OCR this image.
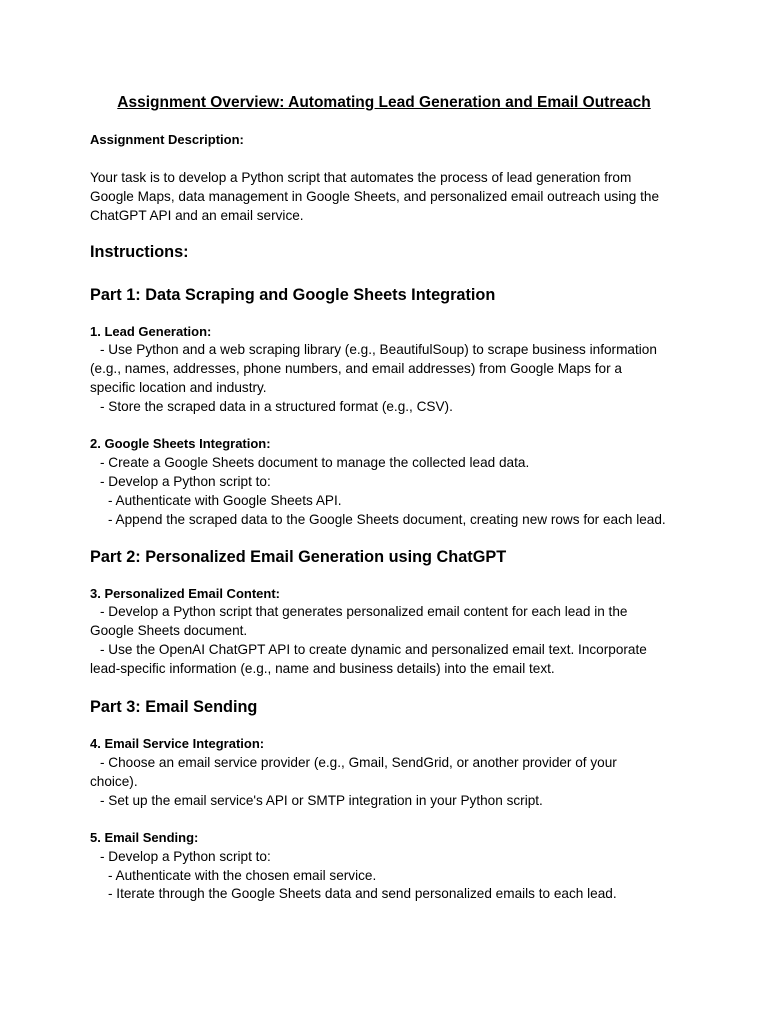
Assignment Overview: Automating Lead Generation and Email Outreach

Assignment Description:

Your task is to develop a Python script that automates the process of lead generation from

Google Maps, data management in Google Sheets, and personalized email outreach using the

ChatGPT API and an email service.

Instructions:

Part 1: Data Scraping and Google Sheets Integration

1. Lead Generation:

- Use Python and a web scraping library (e.g., BeautifulSoup) to scrape business information

(e.g., names, addresses, phone numbers, and email addresses) from Google Maps for a

specific location and industry.

- Store the scraped data in a structured format (e.g., CSV).

2. Google Sheets Integration:

- Create a Google Sheets document to manage the collected lead data.

- Develop a Python script to:

- Authenticate with Google Sheets API.

- Append the scraped data to the Google Sheets document, creating new rows for each lead.

Part 2: Personalized Email Generation using ChatGPT

3. Personalized Email Content:

- Develop a Python script that generates personalized email content for each lead in the

Google Sheets document.

- Use the OpenAI ChatGPT API to create dynamic and personalized email text. Incorporate

lead-specific information (e.g., name and business details) into the email text.

Part 3: Email Sending

4. Email Service Integration:

- Choose an email service provider (e.g., Gmail, SendGrid, or another provider of your

choice).

- Set up the email service's API or SMTP integration in your Python script.

5. Email Sending:

- Develop a Python script to:

- Authenticate with the chosen email service.

- Iterate through the Google Sheets data and send personalized emails to each lead.
